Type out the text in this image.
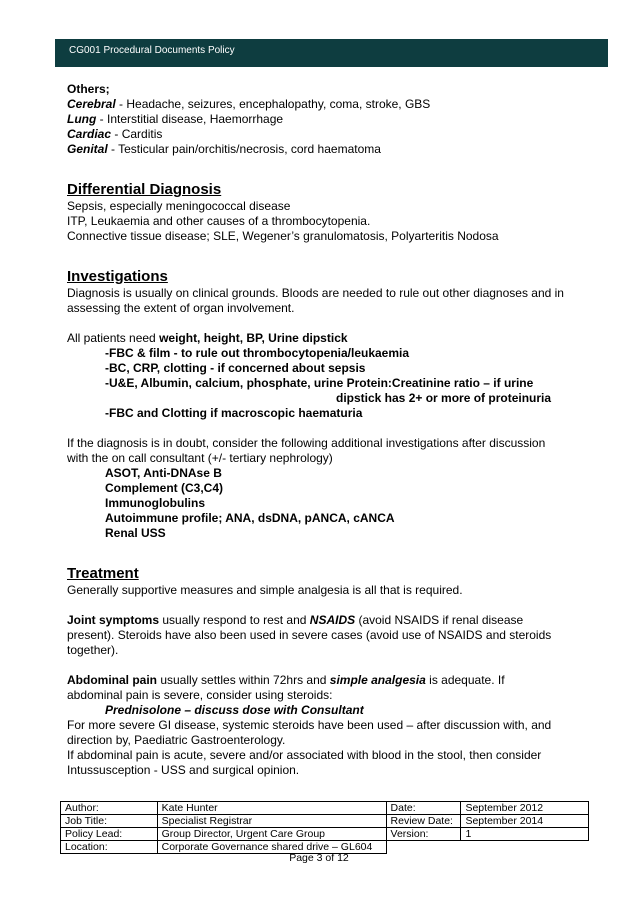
CG001 Procedural Documents Policy
Others;
Cerebral - Headache, seizures, encephalopathy, coma, stroke, GBS
Lung - Interstitial disease, Haemorrhage
Cardiac - Carditis
Genital - Testicular pain/orchitis/necrosis, cord haematoma
Differential Diagnosis
Sepsis, especially meningococcal disease
ITP, Leukaemia and other causes of a thrombocytopenia.
Connective tissue disease; SLE, Wegener’s granulomatosis, Polyarteritis Nodosa
Investigations
Diagnosis is usually on clinical grounds. Bloods are needed to rule out other diagnoses and in assessing the extent of organ involvement.
All patients need weight, height, BP, Urine dipstick
-FBC & film - to rule out thrombocytopenia/leukaemia
-BC, CRP, clotting - if concerned about sepsis
-U&E, Albumin, calcium, phosphate, urine Protein:Creatinine ratio – if urine
dipstick has 2+ or more of proteinuria
-FBC and Clotting if macroscopic haematuria
If the diagnosis is in doubt, consider the following additional investigations after discussion
with the on call consultant (+/- tertiary nephrology)
ASOT, Anti-DNAse B
Complement (C3,C4)
Immunoglobulins
Autoimmune profile; ANA, dsDNA, pANCA, cANCA
Renal USS
Treatment
Generally supportive measures and simple analgesia is all that is required.
Joint symptoms usually respond to rest and NSAIDS (avoid NSAIDS if renal disease
present). Steroids have also been used in severe cases (avoid use of NSAIDS and steroids
together).
Abdominal pain usually settles within 72hrs and simple analgesia is adequate. If
abdominal pain is severe, consider using steroids:
Prednisolone – discuss dose with Consultant
For more severe GI disease, systemic steroids have been used – after discussion with, and
direction by, Paediatric Gastroenterology.
If abdominal pain is acute, severe and/or associated with blood in the stool, then consider
Intussusception - USS and surgical opinion.
Author:	Kate Hunter	Date:	September 2012
Job Title:	Specialist Registrar	Review Date:	September 2014
Policy Lead:	Group Director, Urgent Care Group	Version:	1
Location:	Corporate Governance shared drive – GL604		
Page 3 of 12
